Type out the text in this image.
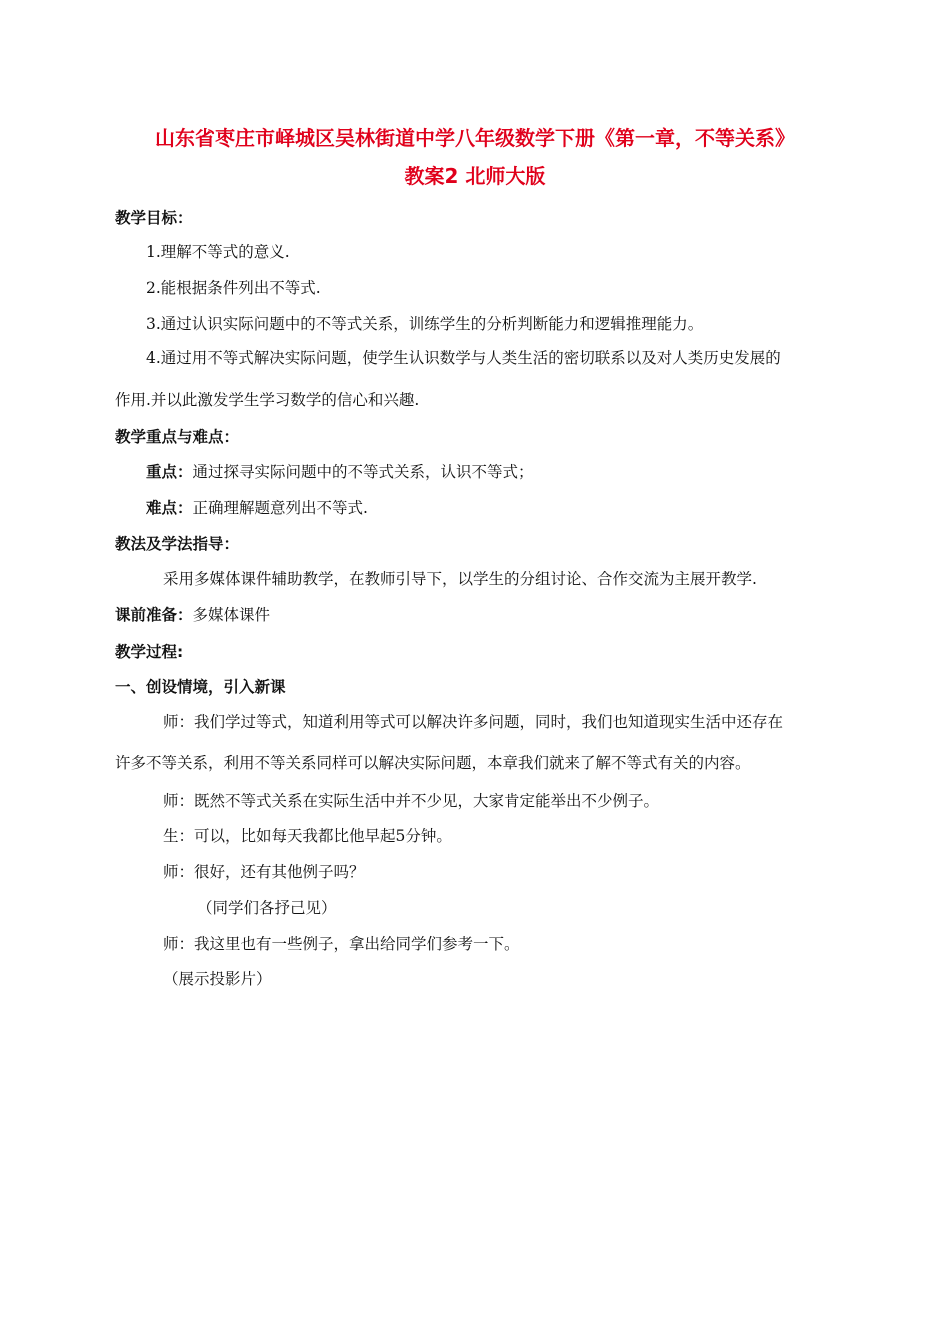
山东省枣庄市峄城区吴林街道中学八年级数学下册《第一章，不等关系》
教案2 北师大版
教学目标：
1.理解不等式的意义.
2.能根据条件列出不等式.
3.通过认识实际问题中的不等式关系，训练学生的分析判断能力和逻辑推理能力。
4.通过用不等式解决实际问题，使学生认识数学与人类生活的密切联系以及对人类历史发展的
作用.并以此激发学生学习数学的信心和兴趣.
教学重点与难点：
重点：通过探寻实际问题中的不等式关系，认识不等式；
难点：正确理解题意列出不等式.
教法及学法指导：
采用多媒体课件辅助教学，在教师引导下，以学生的分组讨论、合作交流为主展开教学.
课前准备：多媒体课件
教学过程:
一、创设情境，引入新课
师：我们学过等式，知道利用等式可以解决许多问题，同时，我们也知道现实生活中还存在
许多不等关系，利用不等关系同样可以解决实际问题，本章我们就来了解不等式有关的内容。
师：既然不等式关系在实际生活中并不少见，大家肯定能举出不少例子。
生：可以，比如每天我都比他早起5分钟。
师：很好，还有其他例子吗？
（同学们各抒己见）
师：我这里也有一些例子，拿出给同学们参考一下。
（展示投影片）
